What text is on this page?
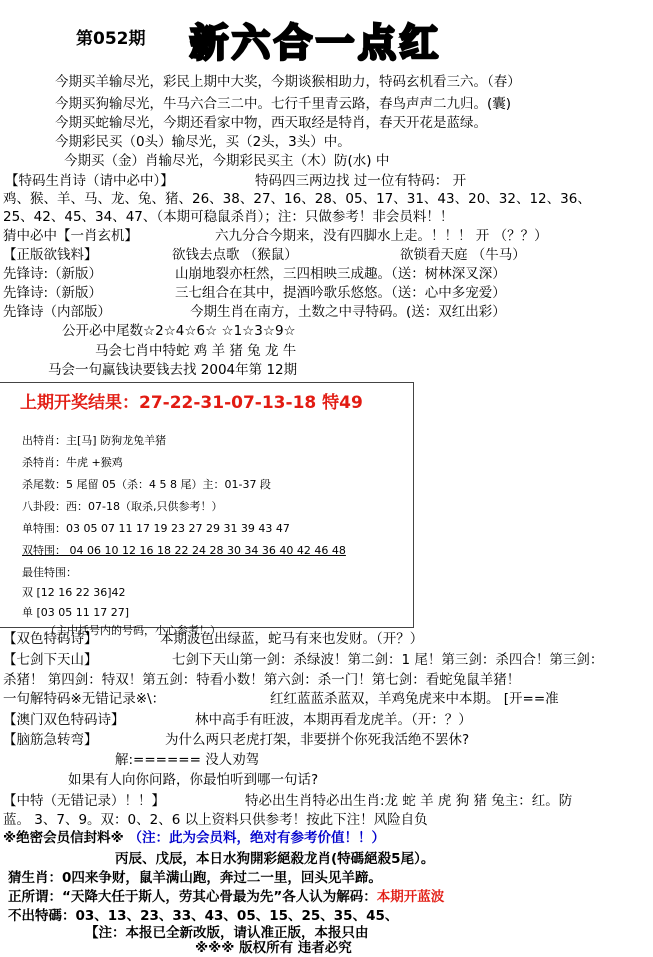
第052期 新六合一点红
今期买羊输尽光，彩民上期中大奖，今期谈猴相助力，特码玄机看三六。（春）
今期买狗输尽光，牛马六合三二中。七行千里青云路，春鸟声声二九归。(囊)
今期买蛇输尽光，今期还看家中物，西天取经是特肖，春天开花是蓝绿。
今期彩民买（0头）输尽光，买（2头，3头）中。
今期买（金）肖输尽光，今期彩民买主（木）防(水) 中
【特码生肖诗（请中必中）】	特码四三两边找 过一位有特码： 开
鸡、猴、羊、马、龙、兔、猪、26、38、27、16、28、05、17、31、43、20、32、12、36、
25、42、45、34、47、（本期可稳鼠杀肖）；注：只做参考！非会员料！！
猜中必中【一肖玄机】	六九分合今期来，没有四脚水上走。！！！ 开 （？？）
【正版欲钱料】	欲钱去点歌 （猴鼠）	欲锁看天庭 （牛马）
先锋诗:（新版）	山崩地裂亦枉然，三四相映三成趣。（送：树林深叉深）
先锋诗:（新版）	三七组合在其中，提酒吟歌乐悠悠。（送：心中多宠爱）
先锋诗（内部版）	今期生肖在南方，土数之中寻特码。(送：双红出彩）
公开必中尾数☆2☆4☆6☆ ☆1☆3☆9☆
马会七肖中特蛇 鸡 羊 猪 兔 龙 牛
马会一句赢钱诀要钱去找 2004年第 12期
上期开奖结果：27-22-31-07-13-18 特49
出特肖：主[马] 防狗龙兔羊猪
杀特肖：牛虎 +猴鸡
杀尾数：5 尾留 05（杀：4 5 8 尾）主：01-37 段
八卦段：西：07-18（取杀,只供参考！）
单特围：03 05 07 11 17 19 23 27 29 31 39 43 47
双特围： 04 06 10 12 16 18 22 24 28 30 34 36 40 42 46 48
最佳特围：
双 [12 16 22 36]42
单 [03 05 11 17 27]
（主中括号内的号码，小心参考！）
【双色特码诗】	本期波色出绿蓝，蛇马有来也发财。（开？）
【七剑下天山】	七剑下天山第一剑：杀绿波！第二剑：1 尾！第三剑：杀四合！第三剑：
杀猪！ 第四剑：特双！第五剑：特看小数！第六剑：杀一门！第七剑：看蛇兔鼠羊猪！
一句解特码※无错记录※\：	红红蓝蓝杀蓝双，羊鸡兔虎来中本期。 [开==准
【澳门双色特码诗】	林中高手有旺波，本期再看龙虎羊。（开：？）
【脑筋急转弯】	为什么两只老虎打架，非要拼个你死我活绝不罢休?
解:====== 没人劝驾
如果有人向你问路，你最怕听到哪一句话?
【中特（无错记录）！！】	特必出生肖特必出生肖:龙 蛇 羊 虎 狗 猪 兔主：红。防
蓝。 3、7、9。双：0、2、6 以上资料只供参考！按此下注！风险自负
※绝密会员信封料※ （注：此为会员料，绝对有参考价值！！）
丙辰、戊辰，本日水狗開彩絕殺龙肖(特碼絕殺5尾）。
猜生肖：0四来争财，鼠羊满山跑，奔过二一里，回头见羊蹄。
正所谓：“天降大任于斯人，劳其心骨最为先”各人认为解码：本期开蓝波
不出特碼：03、13、23、33、43、05、15、25、35、45、
【注：本报已全新改版，请认准正版，本报只由
※※※ 版权所有 违者必究
